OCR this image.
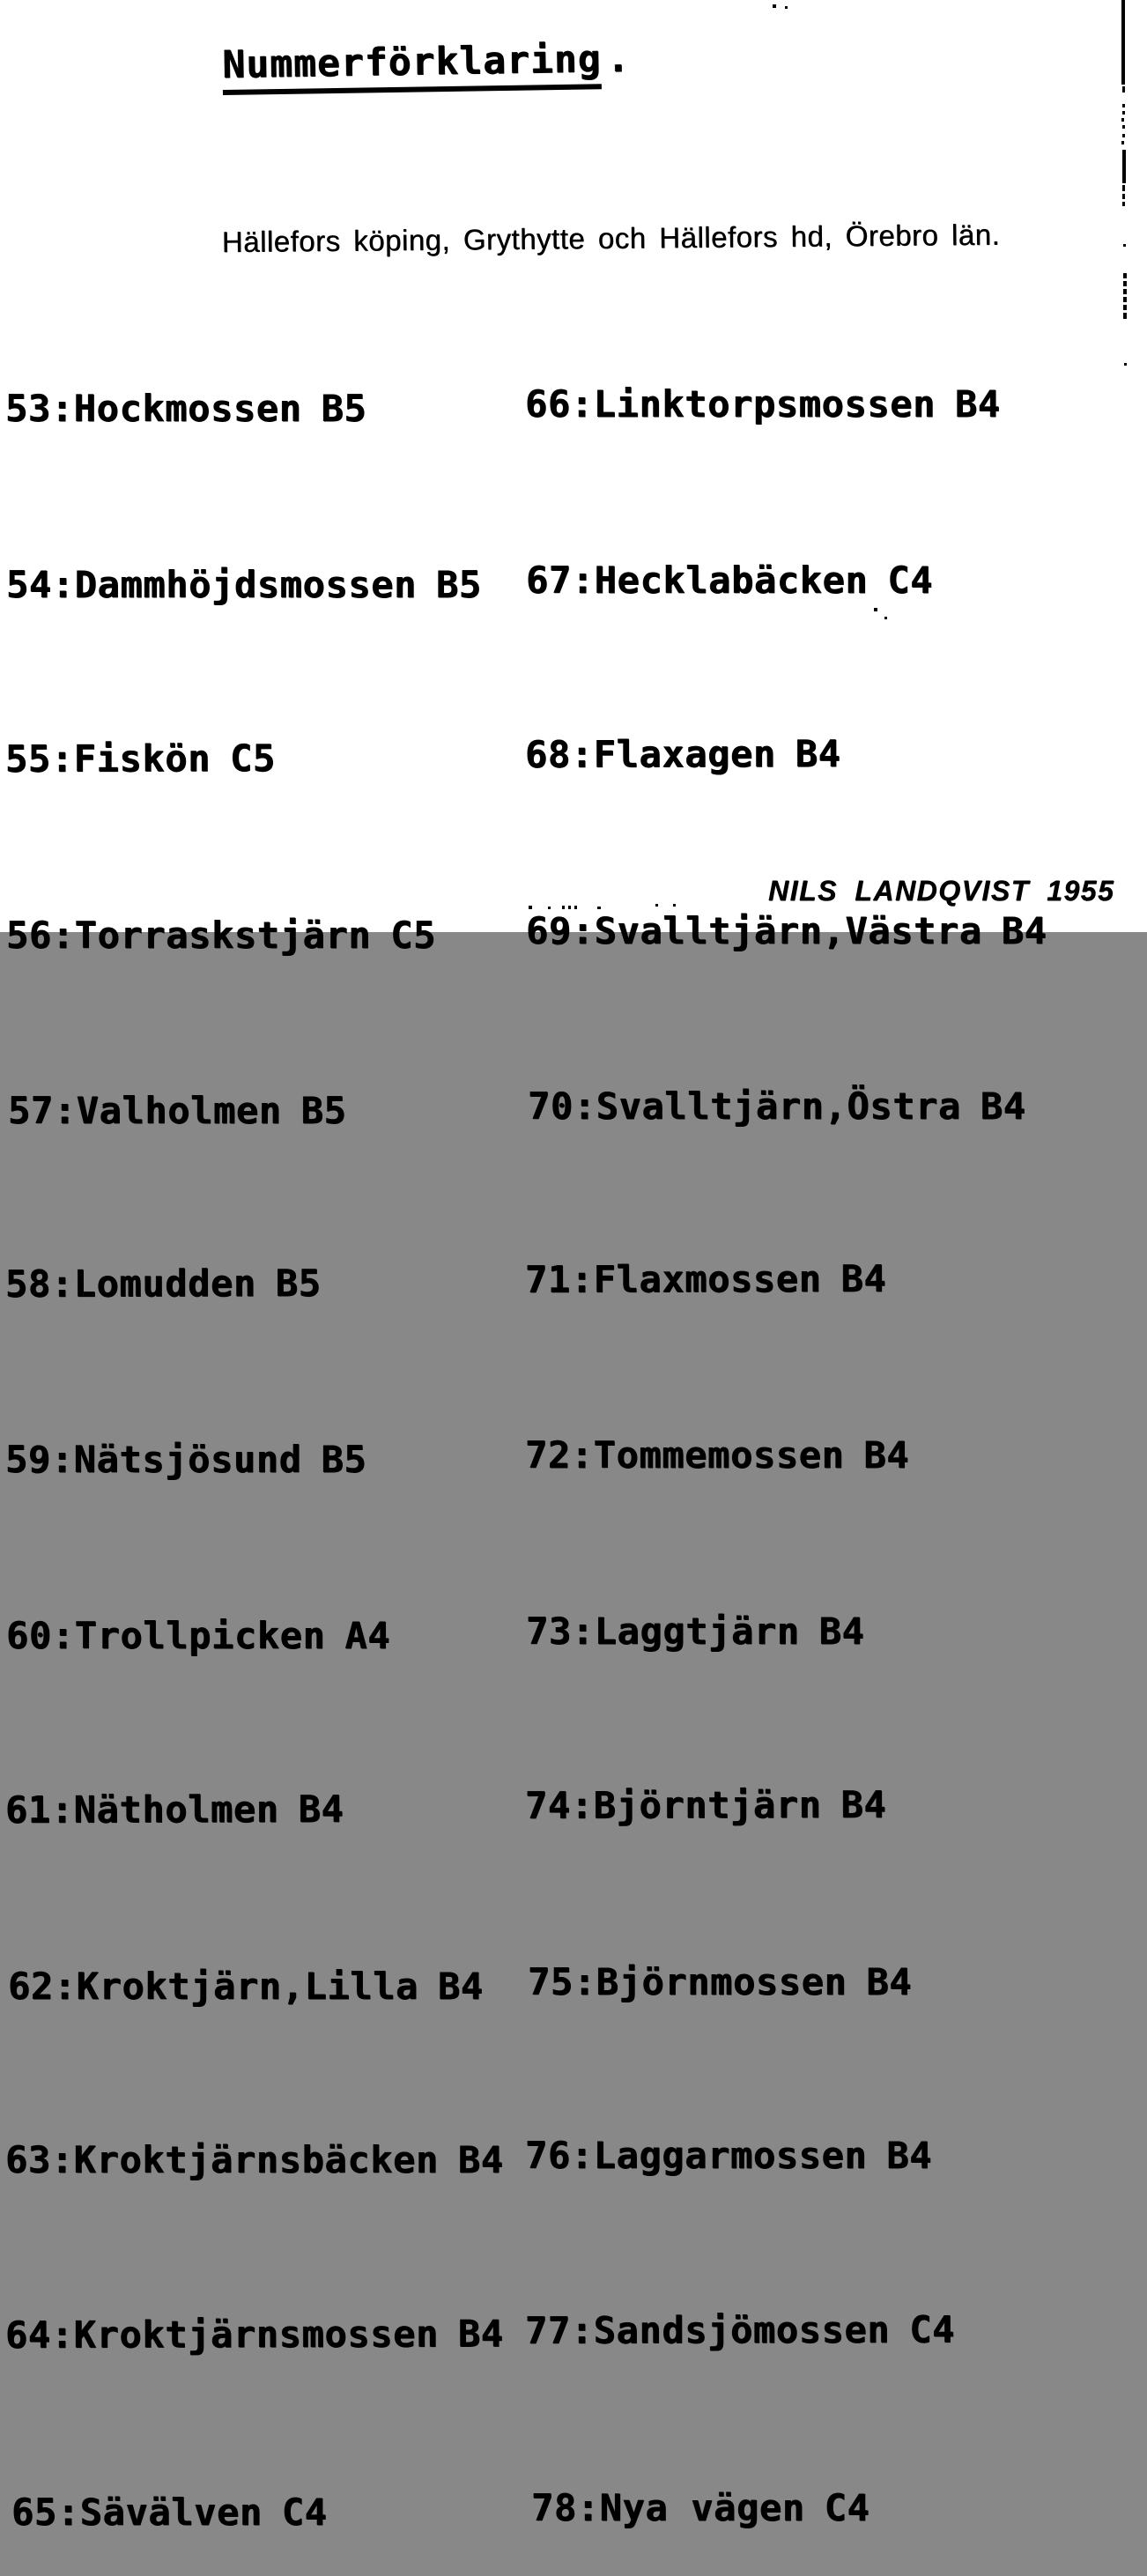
Nummerförklaring .
Hällefors köping, Grythytte och Hällefors hd, Örebro län.

53:Hockmossen B5

54:Dammhöjdsmossen B5

55:Fiskön C5

56:Torraskstjärn C5

57:Valholmen B5

58:Lomudden B5

59:Nätsjösund B5

60:Trollpicken A4

61:Nätholmen B4

62:Kroktjärn,Lilla B4

63:Kroktjärnsbäcken B4

64:Kroktjärnsmossen B4

65:Sävälven C4

66:Linktorpsmossen B4

67:Hecklabäcken C4

68:Flaxagen B4

69:Svalltjärn,Västra B4

70:Svalltjärn,Östra B4

71:Flaxmossen B4

72:Tommemossen B4

73:Laggtjärn B4

74:Björntjärn B4

75:Björnmossen B4

76:Laggarmossen B4

77:Sandsjömossen C4

78:Nya vägen C4

NILS LANDQVIST 1955
